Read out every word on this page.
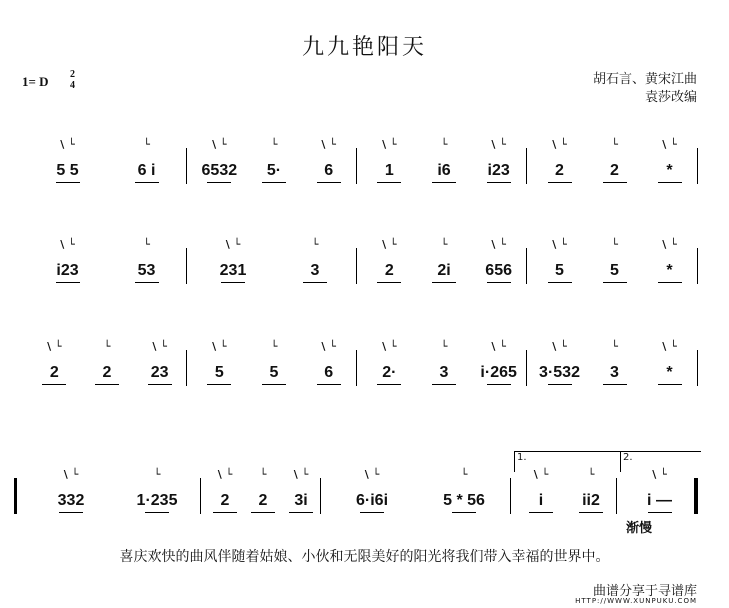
九九艳阳天
1= D 2
4	胡石言、黄宋江曲
袁莎改编
5 5
\ └
6 i
└
6532
\ └
5·
└
6
\ └
1
\ └
i6
└
i23
\ └
2
\ └
2
└
*
\ └
i23
\ └
53
└
231
\ └
3
└
2
\ └
2i
└
656
\ └
5
\ └
5
└
*
\ └
2
\ └
2
└
23
\ └
5
\ └
5
└
6
\ └
2·
\ └
3
└
i·265
\ └
3·532
\ └
3
└
*
\ └
332
\ └
1·235
└
2
\ └
2
└
3i
\ └
6·i6i
\ └
5 * 56
└
i
\ └
ii2
└
i —
\ └
1.	2.
渐慢
喜庆欢快的曲风伴随着姑娘、小伙和无限美好的阳光将我们带入幸福的世界中。
曲谱分享于寻谱库
HTTP://WWW.XUNPUKU.COM
